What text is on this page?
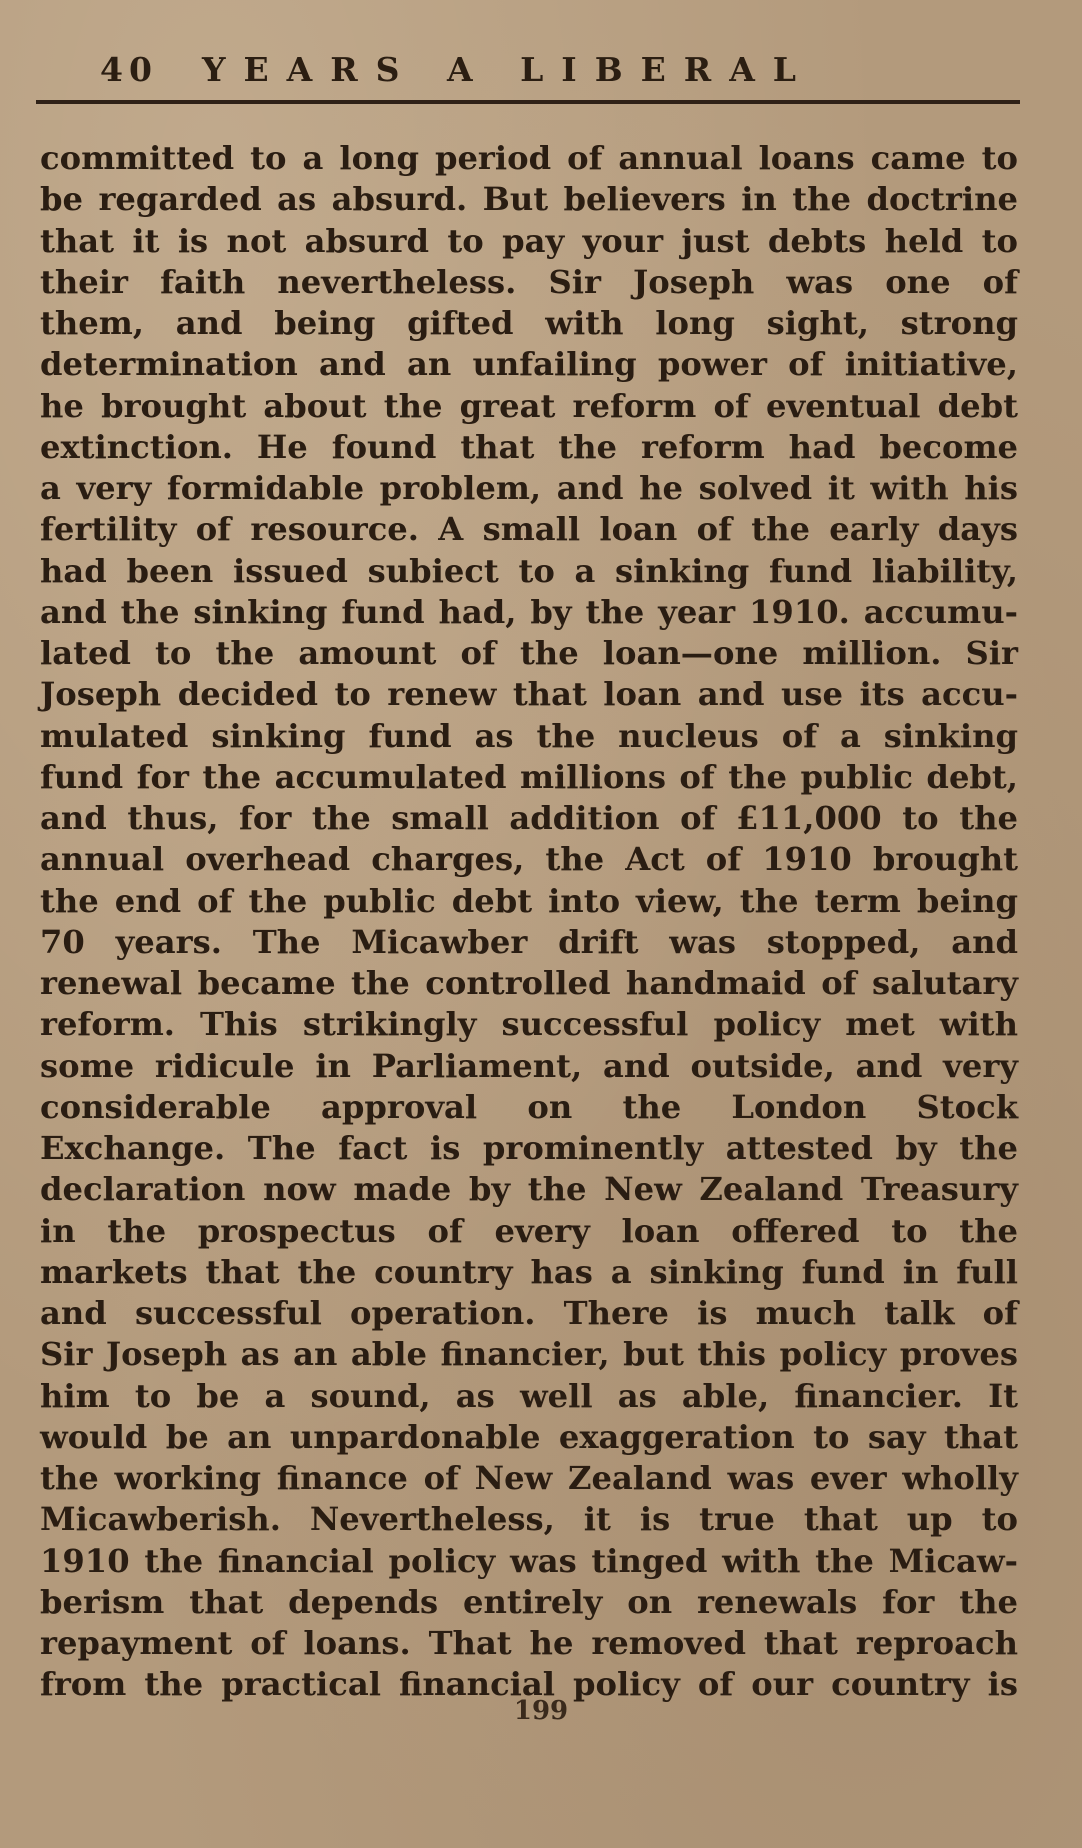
40 YEARS A LIBERAL
committed to a long period of annual loans came to
be regarded as absurd. But believers in the doctrine
that it is not absurd to pay your just debts held to
their faith nevertheless. Sir Joseph was one of
them, and being gifted with long sight, strong
determination and an unfailing power of initiative,
he brought about the great reform of eventual debt
extinction. He found that the reform had become
a very formidable problem, and he solved it with his
fertility of resource. A small loan of the early days
had been issued subiect to a sinking fund liability,
and the sinking fund had, by the year 1910. accumu-
lated to the amount of the loan—one million. Sir
Joseph decided to renew that loan and use its accu-
mulated sinking fund as the nucleus of a sinking
fund for the accumulated millions of the public debt,
and thus, for the small addition of £11,000 to the
annual overhead charges, the Act of 1910 brought
the end of the public debt into view, the term being
70 years. The Micawber drift was stopped, and
renewal became the controlled handmaid of salutary
reform. This strikingly successful policy met with
some ridicule in Parliament, and outside, and very
considerable approval on the London Stock
Exchange. The fact is prominently attested by the
declaration now made by the New Zealand Treasury
in the prospectus of every loan offered to the
markets that the country has a sinking fund in full
and successful operation. There is much talk of
Sir Joseph as an able financier, but this policy proves
him to be a sound, as well as able, financier. It
would be an unpardonable exaggeration to say that
the working finance of New Zealand was ever wholly
Micawberish. Nevertheless, it is true that up to
1910 the financial policy was tinged with the Micaw-
berism that depends entirely on renewals for the
repayment of loans. That he removed that reproach
from the practical financial policy of our country is
199
